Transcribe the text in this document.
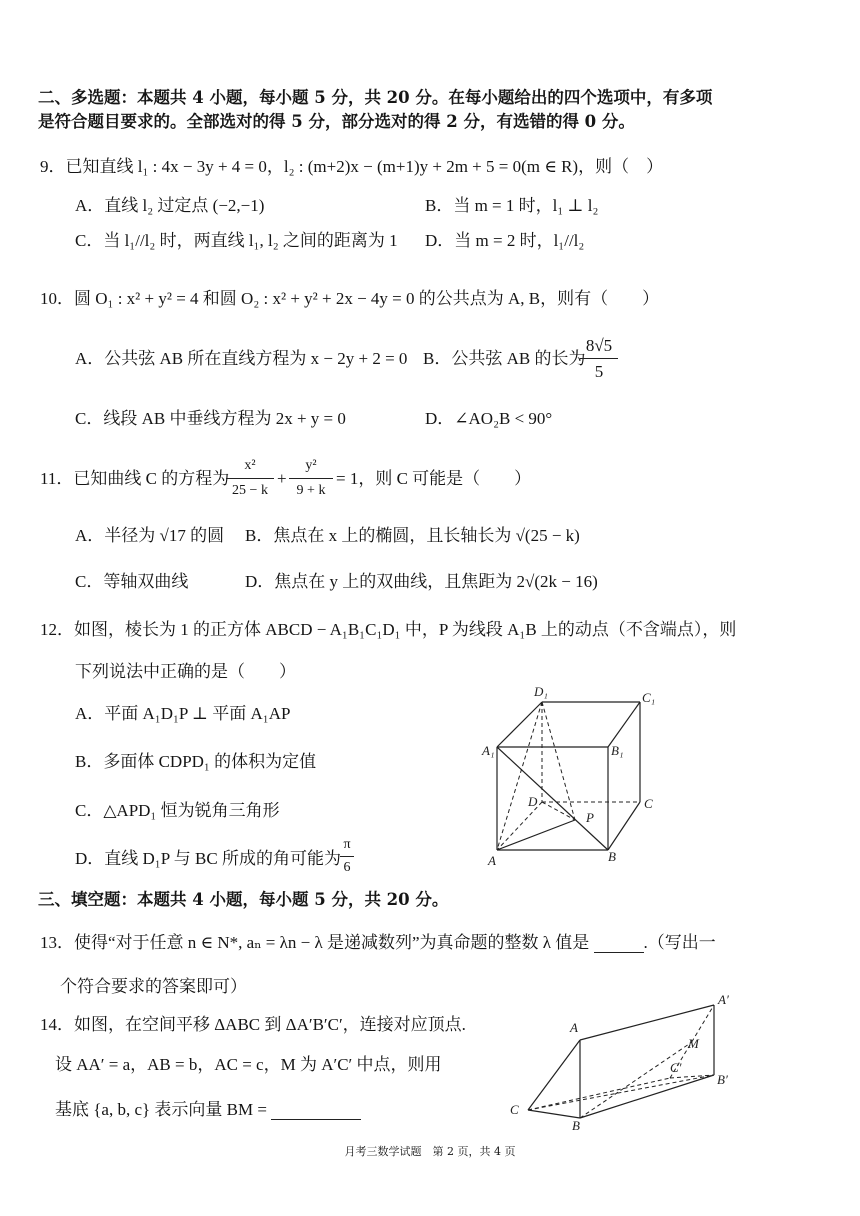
二、多选题：本题共 4 小题，每小题 5 分，共 20 分。在每小题给出的四个选项中，有多项
是符合题目要求的。全部选对的得 5 分，部分选对的得 2 分，有选错的得 0 分。
9．已知直线 l₁ : 4x − 3y + 4 = 0，l₂ : (m+2)x − (m+1)y + 2m + 5 = 0(m ∈ R)，则（　）
A．直线 l₂ 过定点 (−2,−1)	B．当 m = 1 时，l₁ ⊥ l₂
C．当 l₁//l₂ 时，两直线 l₁, l₂ 之间的距离为 1 D．当 m = 2 时，l₁//l₂
10．圆 O₁ : x² + y² = 4 和圆 O₂ : x² + y² + 2x − 4y = 0 的公共点为 A, B，则有（　　）
A．公共弦 AB 所在直线方程为 x − 2y + 2 = 0 B．公共弦 AB 的长为
8√5
5
C．线段 AB 中垂线方程为 2x + y = 0	D．∠AO₂B < 90°
11．已知曲线 C 的方程为
x²
25 − k
+
y²
9 + k
= 1，则 C 可能是（　　）
A．半径为 √17 的圆 B．焦点在 x 上的椭圆，且长轴长为 √(25 − k)
C．等轴双曲线	D．焦点在 y 上的双曲线，且焦距为 2√(2k − 16)
12．如图，棱长为 1 的正方体 ABCD − A₁B₁C₁D₁ 中，P 为线段 A₁B 上的动点（不含端点），则
下列说法中正确的是（　　）
A．平面 A₁D₁P ⊥ 平面 A₁AP
B．多面体 CDPD₁ 的体积为定值
C．△APD₁ 恒为锐角三角形
D．直线 D₁P 与 BC 所成的角可能为
π
6
D₁	C₁
A₁	B₁
D	C
P
A	B
三、填空题：本题共 4 小题，每小题 5 分，共 20 分。
13．使得“对于任意 n ∈ N*, aₙ = λn − λ 是递减数列”为真命题的整数 λ 值是	.（写出一
个符合要求的答案即可）
14．如图，在空间平移 ΔABC 到 ΔA′B′C′，连接对应顶点.
设 AA′ = a，AB = b，AC = c，M 为 A′C′ 中点，则用
基底 {a, b, c} 表示向量 BM =
A
A′
M
C′
B′
C
B
月考三数学试题　第 2 页，共 4 页
